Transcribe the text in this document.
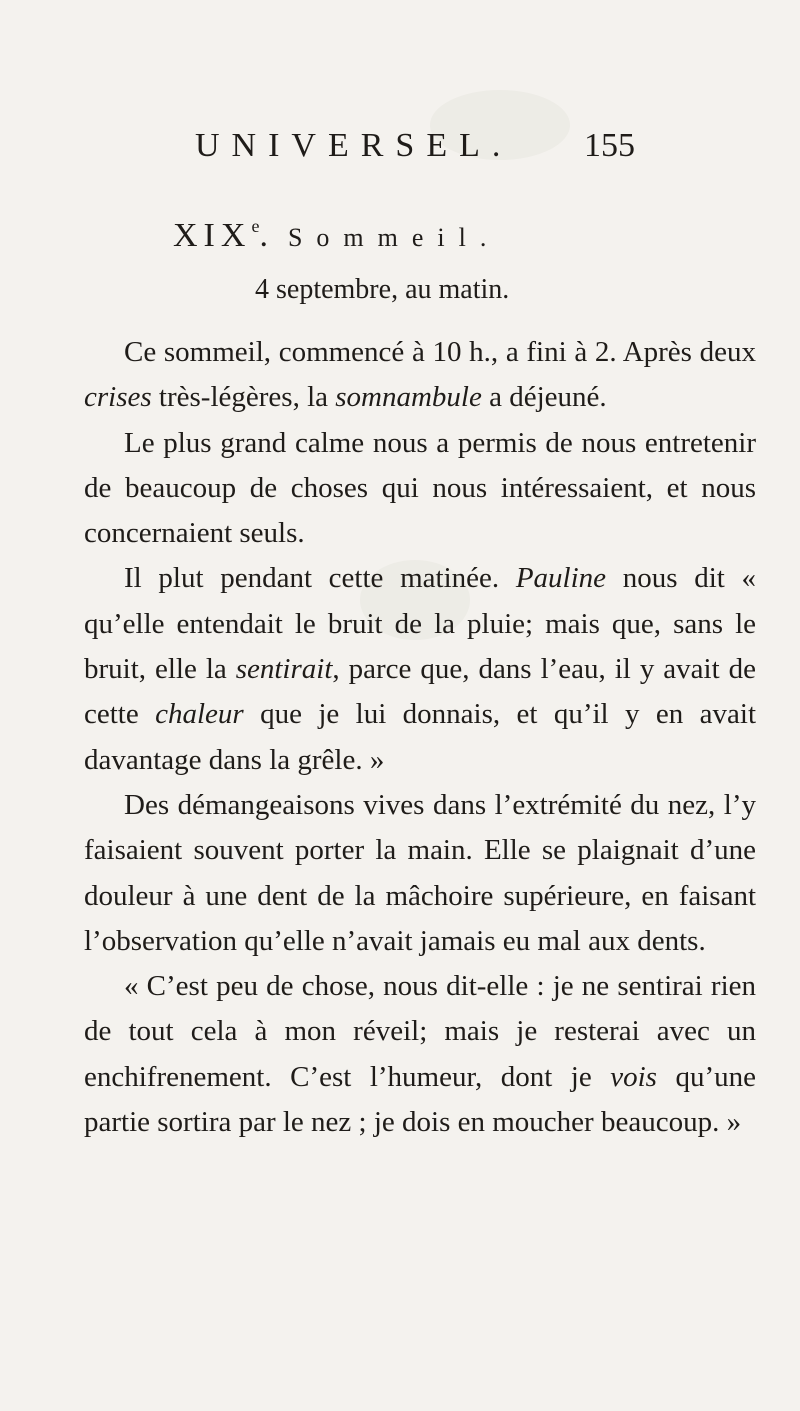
UNIVERSEL. 155
XIXe. Sommeil.
4 septembre, au matin.

Ce sommeil, commencé à 10 h., a fini à 2. Après deux crises très-légères, la somnambule a déjeuné.

Le plus grand calme nous a permis de nous entretenir de beaucoup de choses qui nous intéressaient, et nous concernaient seuls.

Il plut pendant cette matinée. Pauline nous dit « qu’elle entendait le bruit de la pluie; mais que, sans le bruit, elle la sentirait, parce que, dans l’eau, il y avait de cette chaleur que je lui donnais, et qu’il y en avait davantage dans la grêle. »

Des démangeaisons vives dans l’extrémité du nez, l’y faisaient souvent porter la main. Elle se plaignait d’une douleur à une dent de la mâchoire supérieure, en faisant l’observation qu’elle n’avait jamais eu mal aux dents.

« C’est peu de chose, nous dit-elle : je ne sentirai rien de tout cela à mon réveil; mais je resterai avec un enchifrenement. C’est l’humeur, dont je vois qu’une partie sortira par le nez ; je dois en moucher beaucoup. »
